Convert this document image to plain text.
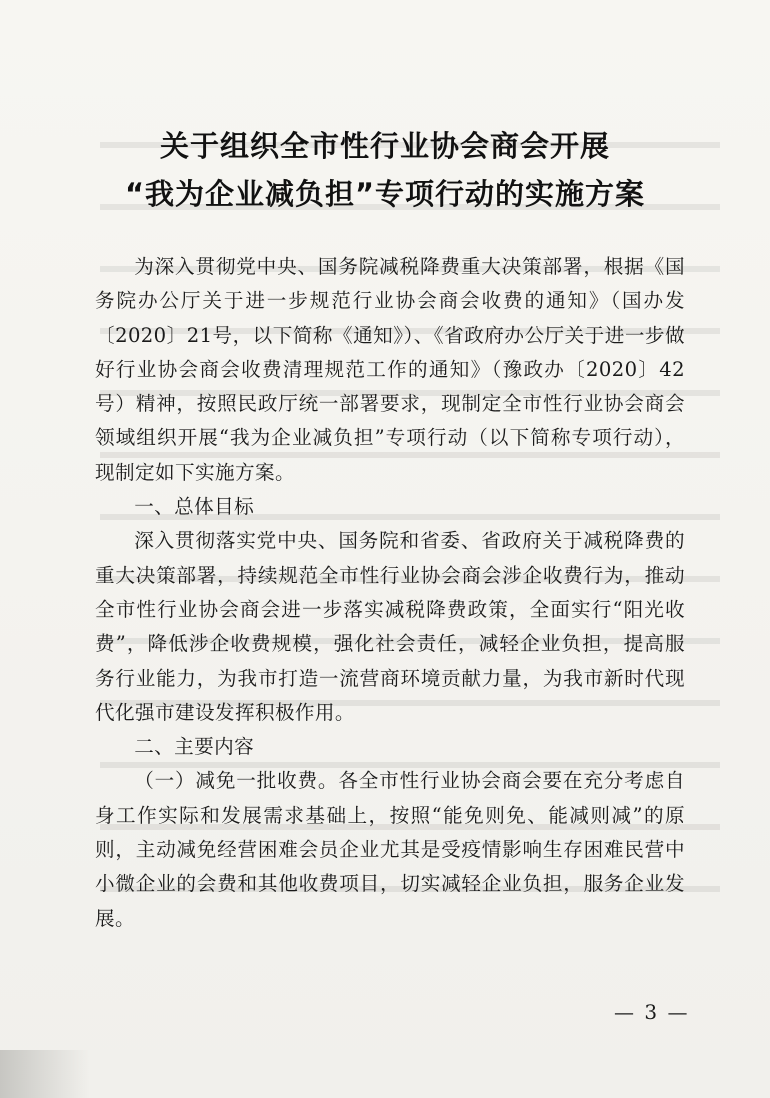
关于组织全市性行业协会商会开展
“我为企业减负担”专项行动的实施方案

为深入贯彻党中央、国务院减税降费重大决策部署，根据《国务院办公厅关于进一步规范行业协会商会收费的通知》（国办发〔2020〕21号，以下简称《通知》）、《省政府办公厅关于进一步做好行业协会商会收费清理规范工作的通知》（豫政办〔2020〕42号）精神，按照民政厅统一部署要求，现制定全市性行业协会商会领域组织开展“我为企业减负担”专项行动（以下简称专项行动），现制定如下实施方案。

一、总体目标

深入贯彻落实党中央、国务院和省委、省政府关于减税降费的重大决策部署，持续规范全市性行业协会商会涉企收费行为，推动全市性行业协会商会进一步落实减税降费政策，全面实行“阳光收费”，降低涉企收费规模，强化社会责任，减轻企业负担，提高服务行业能力，为我市打造一流营商环境贡献力量，为我市新时代现代化强市建设发挥积极作用。

二、主要内容

（一）减免一批收费。各全市性行业协会商会要在充分考虑自身工作实际和发展需求基础上，按照“能免则免、能减则减”的原则，主动减免经营困难会员企业尤其是受疫情影响生存困难民营中小微企业的会费和其他收费项目，切实减轻企业负担，服务企业发展。

— 3 —
